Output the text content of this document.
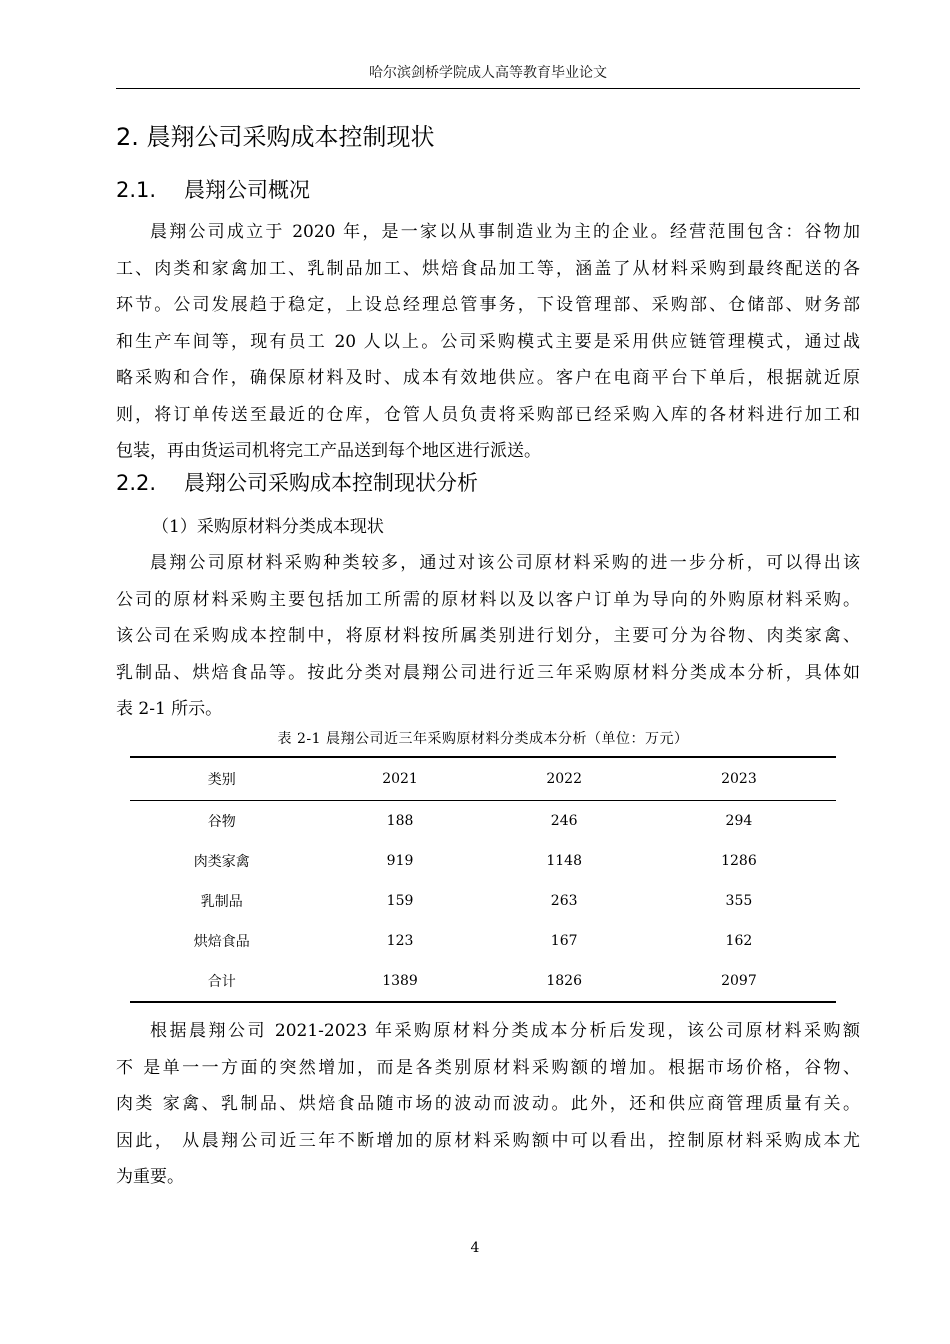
哈尔滨剑桥学院成人高等教育毕业论文
2. 晨翔公司采购成本控制现状
2.1. 晨翔公司概况
晨翔公司成立于 2020 年，是一家以从事制造业为主的企业。经营范围包含：谷物加
工、肉类和家禽加工、乳制品加工、烘焙食品加工等，涵盖了从材料采购到最终配送的各
环节。公司发展趋于稳定，上设总经理总管事务，下设管理部、采购部、仓储部、财务部
和生产车间等，现有员工 20 人以上。公司采购模式主要是采用供应链管理模式，通过战
略采购和合作，确保原材料及时、成本有效地供应。客户在电商平台下单后，根据就近原
则，将订单传送至最近的仓库，仓管人员负责将采购部已经采购入库的各材料进行加工和
包装，再由货运司机将完工产品送到每个地区进行派送。
2.2. 晨翔公司采购成本控制现状分析
（1）采购原材料分类成本现状
晨翔公司原材料采购种类较多，通过对该公司原材料采购的进一步分析，可以得出该
公司的原材料采购主要包括加工所需的原材料以及以客户订单为导向的外购原材料采购。
该公司在采购成本控制中，将原材料按所属类别进行划分，主要可分为谷物、肉类家禽、
乳制品、烘焙食品等。按此分类对晨翔公司进行近三年采购原材料分类成本分析，具体如
表 2-1 所示。
表 2-1 晨翔公司近三年采购原材料分类成本分析（单位：万元）
类别	2021	2022	2023
谷物	188	246	294
肉类家禽	919	1148	1286
乳制品	159	263	355
烘焙食品	123	167	162
合计	1389	1826	2097
根据晨翔公司 2021-2023 年采购原材料分类成本分析后发现，该公司原材料采购额
不 是单一一方面的突然增加，而是各类别原材料采购额的增加。根据市场价格，谷物、
肉类 家禽、乳制品、烘焙食品随市场的波动而波动。此外，还和供应商管理质量有关。
因此， 从晨翔公司近三年不断增加的原材料采购额中可以看出，控制原材料采购成本尤
为重要。
4
